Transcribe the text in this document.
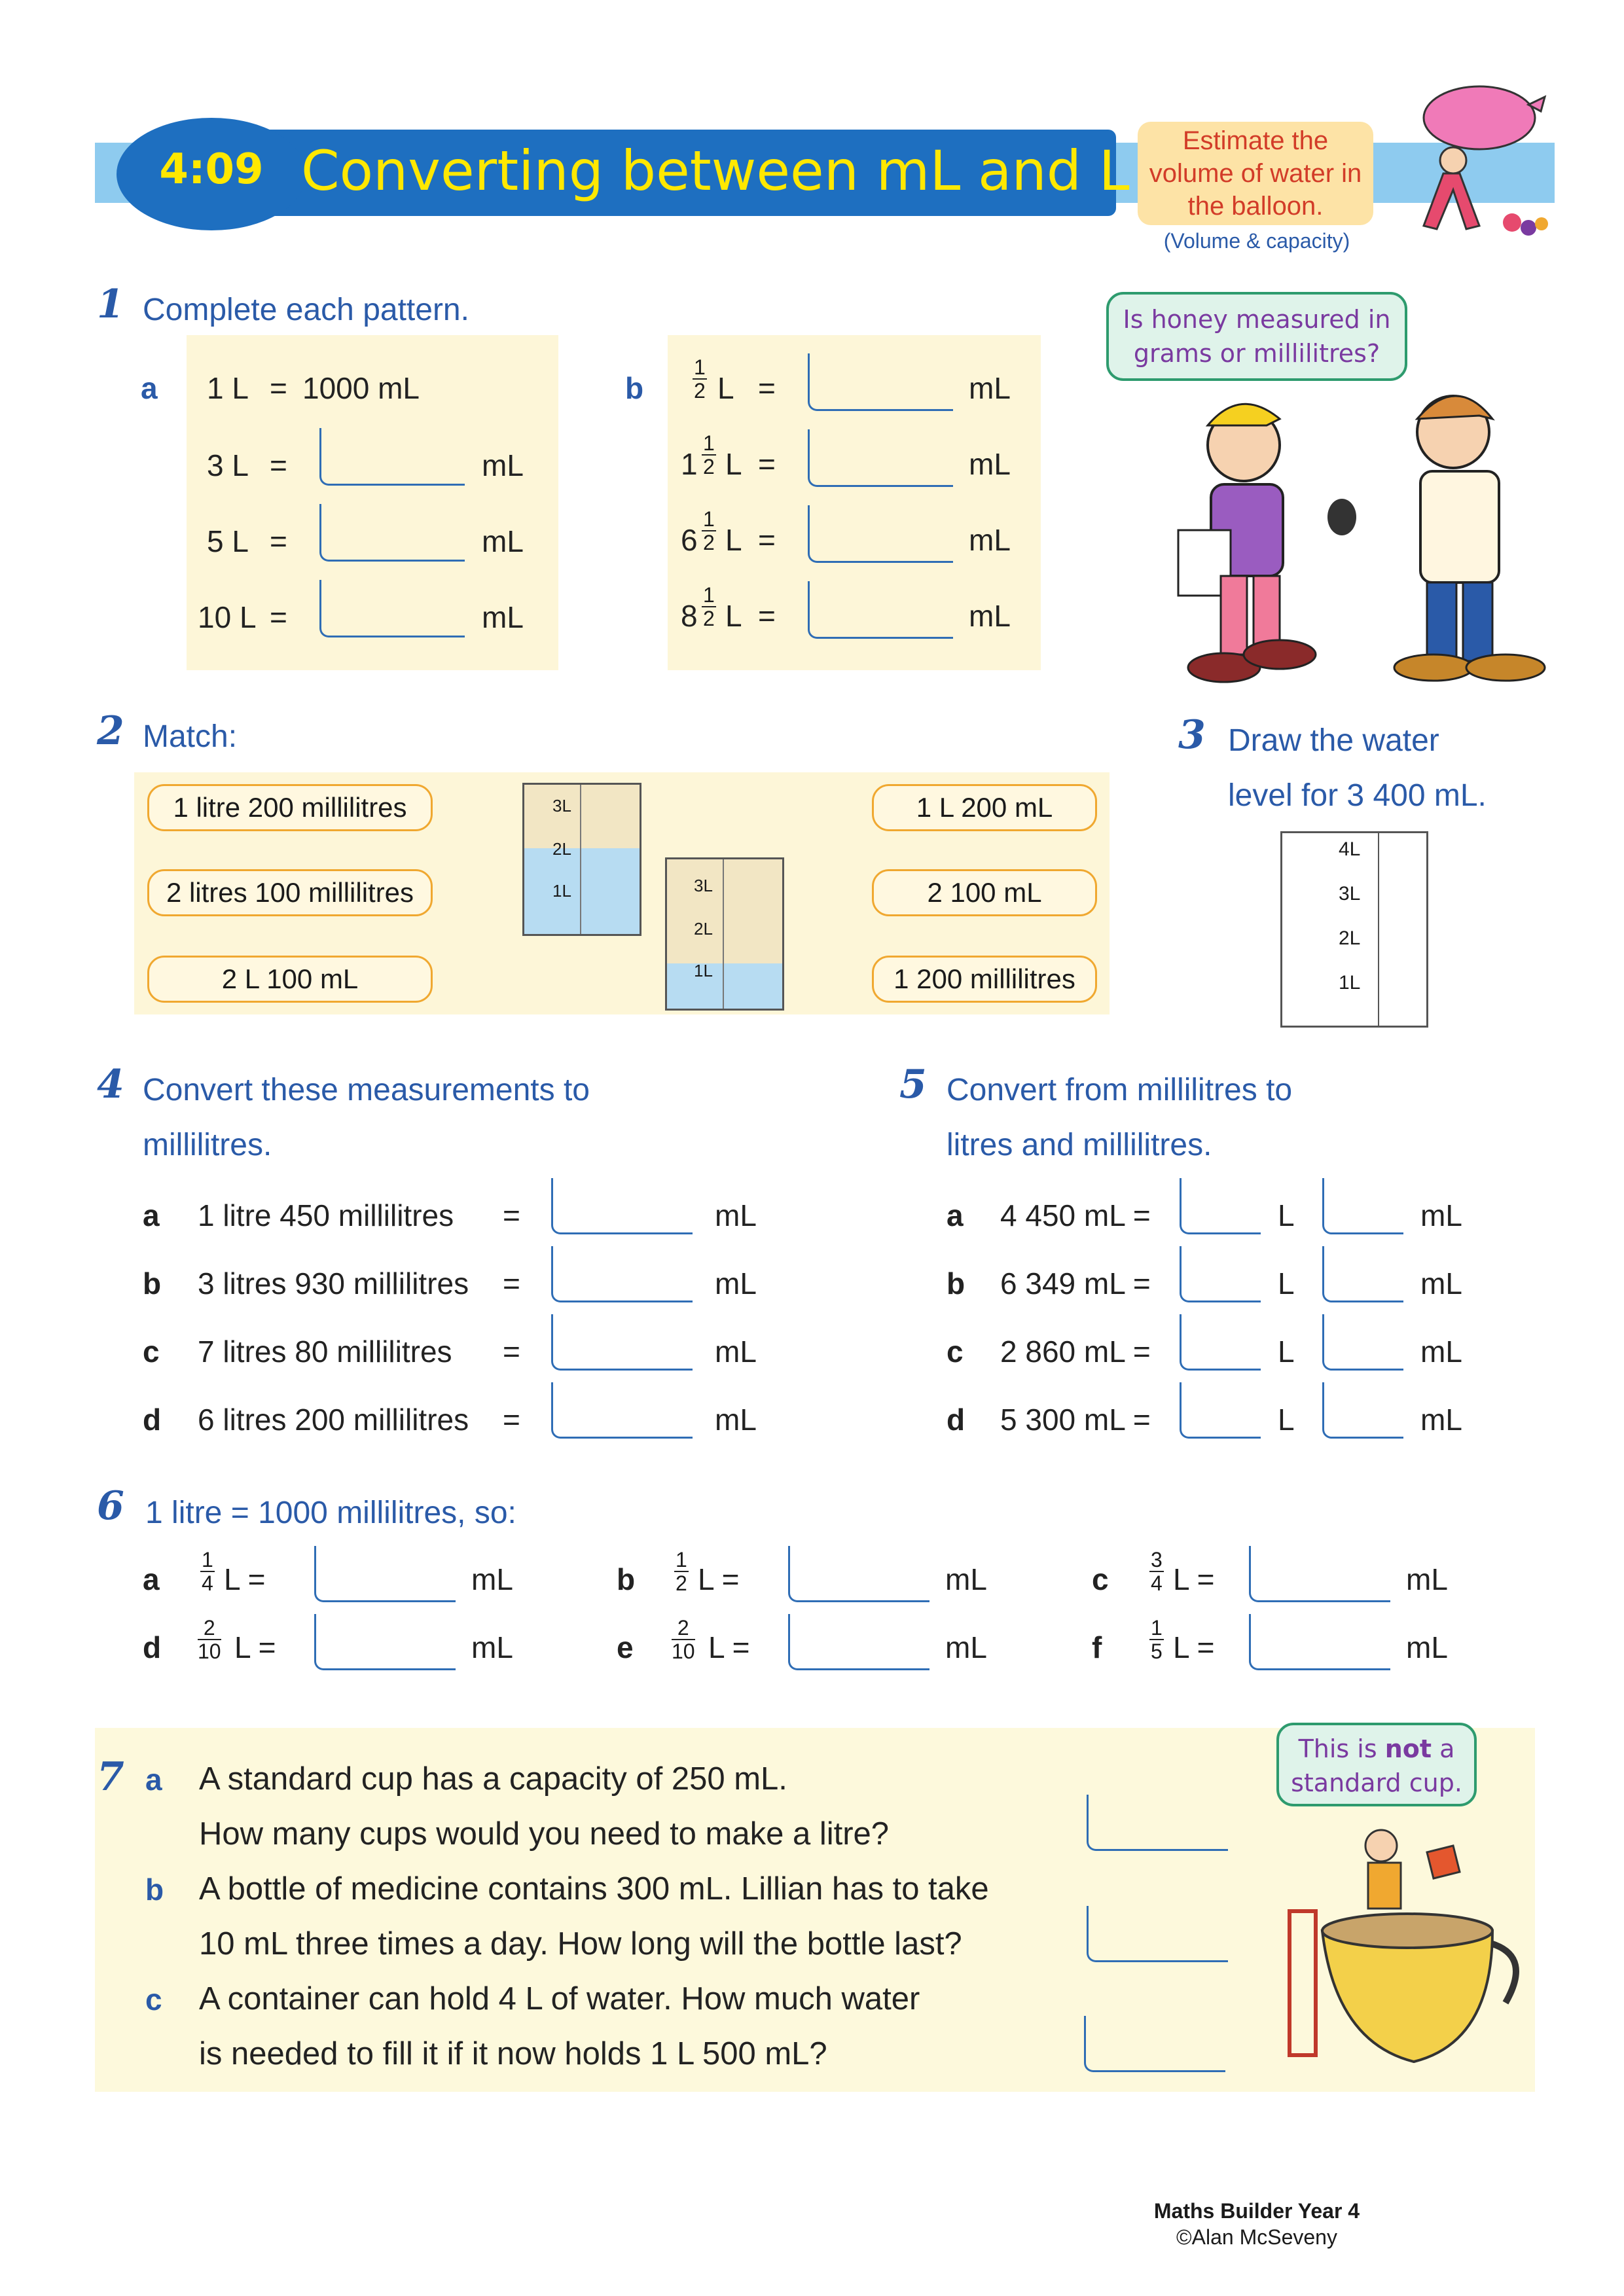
4:09 Converting between mL and L	Estimate the volume of water in the balloon.
(Volume & capacity)
1 Complete each pattern.
a 1 L = 1000 mL
3 L =	mL
5 L =	mL
10 L =	mL
b $\frac{1}{2}$ L =	mL
$1 \frac{1}{2}$ L =	mL
$6 \frac{1}{2}$ L =	mL
$8 \frac{1}{2}$ L =	mL
Is honey measured in grams or millilitres?
2 Match:
1 litre 200 millilitres
2 litres 100 millilitres
2 L 100 mL
1 L 200 mL
2 100 mL
1 200 millilitres
3L
2L
1L	3L
2L
1L
3 Draw the water
level for 3 400 mL.
4L
3L
2L
1L
4 Convert these measurements to
millilitres.
a 1 litre 450 millilitres =	mL
b 3 litres 930 millilitres =	mL
c 7 litres 80 millilitres =	mL
d 6 litres 200 millilitres =	mL
5 Convert from millilitres to
litres and millilitres.
a 4 450 mL =	L	mL
b 6 349 mL =	L	mL
c 2 860 mL =	L	mL
d 5 300 mL =	L	mL
6 1 litre = 1000 millilitres, so:
a $\frac{1}{4}$ L =	mL	b $\frac{1}{2}$ L =	mL	c $\frac{3}{4}$ L =	mL
d $\frac{2}{10}$ L =	mL	e $\frac{2}{10}$ L =	mL	f $\frac{1}{5}$ L =	mL
7 a A standard cup has a capacity of 250 mL.
How many cups would you need to make a litre?
b A bottle of medicine contains 300 mL. Lillian has to take
10 mL three times a day. How long will the bottle last?
c A container can hold 4 L of water. How much water
is needed to fill it if it now holds 1 L 500 mL?
This is not a standard cup.
Maths Builder Year 4
©Alan McSeveny
